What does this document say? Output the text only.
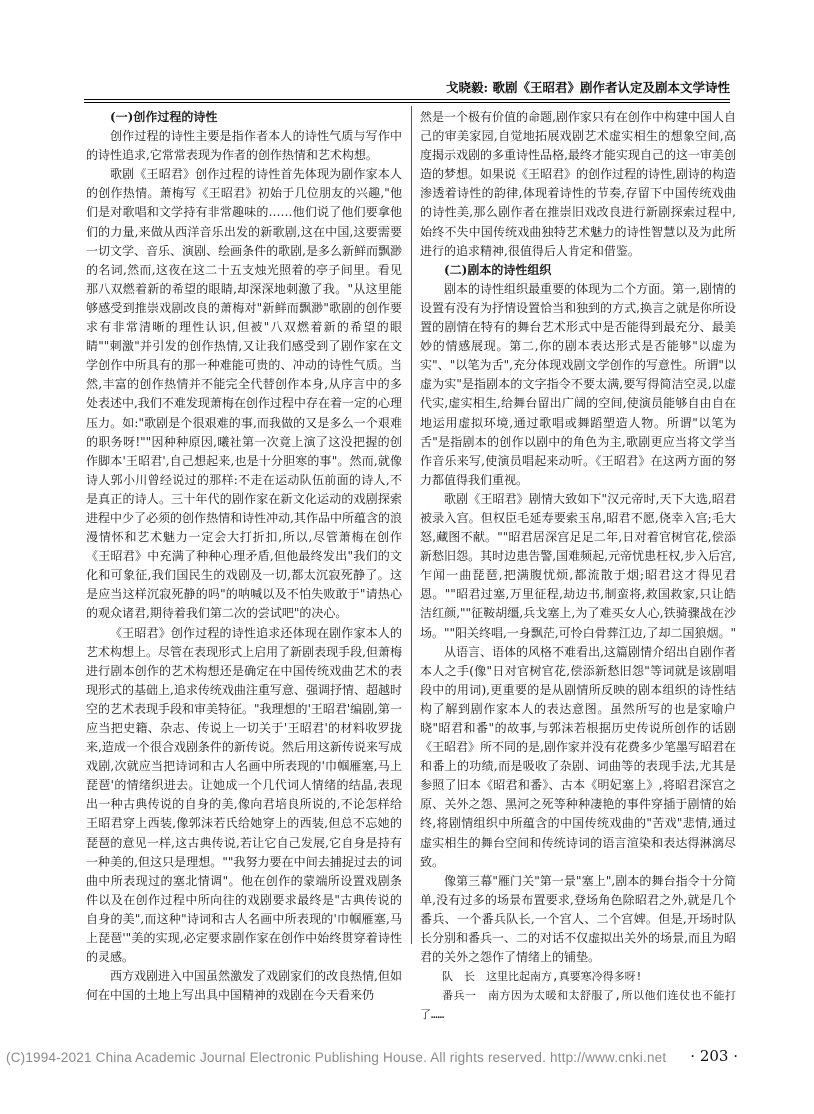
戈晓毅: 歌剧《王昭君》剧作者认定及剧本文学诗性
(一)创作过程的诗性

创作过程的诗性主要是指作者本人的诗性气质与写作中的诗性追求,它常常表现为作者的创作热情和艺术构想。

歌剧《王昭君》创作过程的诗性首先体现为剧作家本人的创作热情。萧梅写《王昭君》初始于几位朋友的兴趣,"他们是对歌唱和文学持有非常趣味的……他们说了他们要拿他们的力量,来做从西洋音乐出发的新歌剧,这在中国,这要需要一切文学、音乐、演剧、绘画条件的歌剧,是多么新鲜而飘渺的名词,然而,这夜在这二十五支烛光照着的亭子间里。看见那八双燃着新的希望的眼睛,却深深地刺激了我。"从这里能够感受到推崇戏剧改良的萧梅对"新鲜而飘渺"歌剧的创作要求有非常清晰的理性认识,但被"八双燃着新的希望的眼睛""刺激"并引发的创作热情,又让我们感受到了剧作家在文学创作中所具有的那一种难能可贵的、冲动的诗性气质。当然,丰富的创作热情并不能完全代替创作本身,从序言中的多处表述中,我们不难发现萧梅在创作过程中存在着一定的心理压力。如:"歌剧是个很艰难的事,而我做的又是多么一个艰难的职务呀!""因种种原因,曦社第一次竟上演了这没把握的创作脚本'王昭君',自己想起来,也是十分胆寒的事"。然而,就像诗人郭小川曾经说过的那样:不走在运动队伍前面的诗人,不是真正的诗人。三十年代的剧作家在新文化运动的戏剧探索进程中少了必须的创作热情和诗性冲动,其作品中所蕴含的浪漫情怀和艺术魅力一定会大打折扣,所以,尽管萧梅在创作《王昭君》中充满了种种心理矛盾,但他最终发出"我们的文化和可象征,我们国民生的戏剧及一切,都太沉寂死静了。这是应当这样沉寂死静的吗"的呐喊以及不怕失败敢于"请热心的观众诸君,期待着我们第二次的尝试吧"的决心。

《王昭君》创作过程的诗性追求还体现在剧作家本人的艺术构想上。尽管在表现形式上启用了新剧表现手段,但萧梅进行剧本创作的艺术构想还是确定在中国传统戏曲艺术的表现形式的基础上,追求传统戏曲注重写意、强调抒情、超越时空的艺术表现手段和审美特征。"我理想的'王昭君'编剧,第一应当把史籍、杂志、传说上一切关于'王昭君'的材料收罗拢来,造成一个很合戏剧条件的新传说。然后用这新传说来写成戏剧,次就应当把诗词和古人名画中所表现的'巾帼雁塞,马上琵琶'的情绪织进去。让她成一个几代词人情绪的结晶,表现出一种古典传说的自身的美,像向君培良所说的,不论怎样给王昭君穿上西装,像郭沫若氏给她穿上的西装,但总不忘她的琵琶的意见一样,这古典传说,若让它自己发展,它自身是持有一种美的,但这只是理想。""我努力要在中间去捕捉过去的词曲中所表现过的塞北情调"。他在创作的蒙端所设置戏剧条件以及在创作过程中所向往的戏剧要求最终是"古典传说的自身的美",而这种"诗词和古人名画中所表现的'巾帼雁塞,马上琵琶'"美的实现,必定要求剧作家在创作中始终贯穿着诗性的灵感。

西方戏剧进入中国虽然激发了戏剧家们的改良热情,但如何在中国的土地上写出具中国精神的戏剧在今天看来仍

然是一个极有价值的命题,剧作家只有在创作中构建中国人自己的审美家园,自觉地拓展戏剧艺术虚实相生的想象空间,高度揭示戏剧的多重诗性品格,最终才能实现自己的这一审美创造的梦想。如果说《王昭君》的创作过程的诗性,剧诗的构造渗透着诗性的韵律,体现着诗性的节奏,存留下中国传统戏曲的诗性美,那么剧作者在推崇旧戏改良进行新剧探索过程中,始终不失中国传统戏曲独特艺术魅力的诗性智慧以及为此所进行的追求精神,很值得后人肯定和借鉴。

(二)剧本的诗性组织

剧本的诗性组织最重要的体现为二个方面。第一,剧情的设置有没有为抒情设置恰当和独到的方式,换言之就是你所设置的剧情在特有的舞台艺术形式中是否能得到最充分、最美妙的情感展现。第二,你的剧本表达形式是否能够"以虚为实"、"以笔为舌",充分体现戏剧文学创作的写意性。所谓"以虚为实"是指剧本的文字指令不要太满,要写得简洁空灵,以虚代实,虚实相生,给舞台留出广阔的空间,使演员能够自由自在地运用虚拟环境,通过歌唱或舞蹈塑造人物。所谓"以笔为舌"是指剧本的创作以剧中的角色为主,歌剧更应当将文学当作音乐来写,使演员唱起来动听。《王昭君》在这两方面的努力都值得我们重视。

歌剧《王昭君》剧情大致如下"汉元帝时,天下大选,昭君被录入宫。但权臣毛延寿要索玉帛,昭君不愿,侥幸入宫;毛大怒,藏图不献。""昭君居深宫足足二年,日对着官树官花,偿添新愁旧怨。其时边患告警,国难频起,元帝忧患枉权,步入后宫,乍闻一曲琵琶,把满腹忧烦,都流散于烟;昭君这才得见君恩。""昭君过塞,万里征程,劫边书,制蛮将,救国救家,只让皓洁红颜,""征鞍胡缰,兵戈塞上,为了难买女人心,铁骑骤战在沙场。""阳关终唱,一身飘茫,可怜白骨葬江边,了却二国狼烟。"

从语言、语体的风格不难看出,这篇剧情介绍出自剧作者本人之手(像"日对官树官花,偿添新愁旧怨"等词就是该剧唱段中的用词),更重要的是从剧情所反映的剧本组织的诗性结构了解到剧作家本人的表达意图。虽然所写的也是家喻户晓"昭君和番"的故事,与郭沫若根据历史传说所创作的话剧《王昭君》所不同的是,剧作家并没有花费多少笔墨写昭君在和番上的功绩,而是吸收了杂剧、词曲等的表现手法,尤其是参照了旧本《昭君和番》、古本《明妃塞上》,将昭君深宫之原、关外之怨、黑河之死等种种凄艳的事件穿插于剧情的始终,将剧情组织中所蕴含的中国传统戏曲的"苦戏"悲情,通过虚实相生的舞台空间和传统诗词的语言渲染和表达得淋漓尽致。

像第三幕"雁门关"第一景"塞上",剧本的舞台指令十分简单,没有过多的场景布置要求,登场角色除昭君之外,就是几个番兵、一个番兵队长,一个宫人、二个宫婢。但是,开场时队长分别和番兵一、二的对话不仅虚拟出关外的场景,而且为昭君的关外之怨作了情绪上的铺垫。

队　长　这里比起南方,真要寒冷得多呀!

番兵一　南方因为太暖和太舒服了,所以他们连仗也不能打了……

(C)1994-2021 China Academic Journal Electronic Publishing House. All rights reserved. http://www.cnki.net	· 203 ·
